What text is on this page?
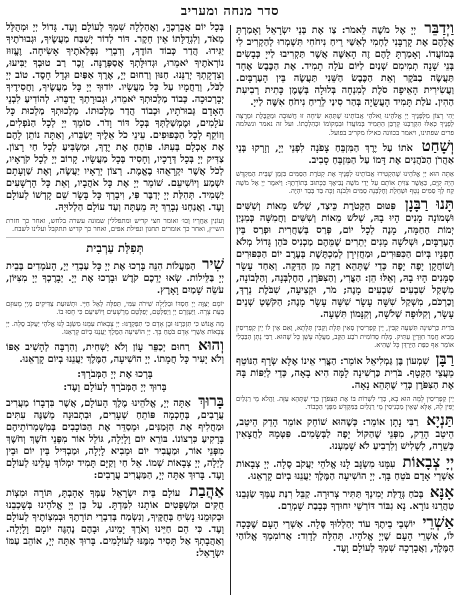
סדר מנחה ומעריב
וַיְדַבֵּר יְיָ אֶל מֹשֶׁה לֵּאמֹר: צַו אֶת בְּנֵי יִשְׂרָאֵל וְאָמַרְתָּ אֲלֵהֶם אֶת קָרְבָּנִי לַחְמִי לְאִשַּׁי רֵיחַ נִיחֹחִי תִּשְׁמְרוּ לְהַקְרִיב לִי בְּמוֹעֲדוֹ. וְאָמַרְתָּ לָהֶם זֶה הָאִשֶּׁה אֲשֶׁר תַּקְרִיבוּ לַייָ כְּבָשִׂים בְּנֵי שָׁנָה תְמִימִם שְׁנַיִם לַיּוֹם עֹלָה תָמִיד. אֶת הַכֶּבֶשׂ אֶחָד תַּעֲשֶׂה בַבֹּקֶר וְאֵת הַכֶּבֶשׂ הַשֵּׁנִי תַּעֲשֶׂה בֵּין הָעַרְבָּיִם. וַעֲשִׂירִית הָאֵיפָה סֹלֶת לְמִנְחָה בְּלוּלָה בְּשֶׁמֶן כָּתִית רְבִיעִת הַהִין. עֹלַת תָּמִיד הָעֲשֻׂיָה בְּהַר סִינַי לְרֵיחַ נִיחֹחַ אִשֶּׁה לַייָ.
יְהִי רָצוֹן מִלְּפָנֶיךָ יְיָ אֱלֹהֵינוּ וֵאלֹהֵי אֲבוֹתֵינוּ שֶׁתְּהֵא שִׂיחָה זוּ חֲשׁוּבָה וּמְקֻבֶּלֶת וּמְרֻצָּה לְפָנֶיךָ כְּאִלּוּ הִקְרַבְנוּ קָרְבַּן הַתָּמִיד בְּמוֹעֲדוֹ וּבִמְקוֹמוֹ וּכְהִלְכָתוֹ. ועל זה נאמר ונשלמה פרים שפתינו, ויאמר בכוונה כאילו מקריב בפועל.
וְשָׁחַט אֹתוֹ עַל יֶרֶךְ הַמִּזְבֵּחַ צָפֹנָה לִפְנֵי יְיָ, וְזָרְקוּ בְּנֵי אַהֲרֹן הַכֹּהֲנִים אֶת דָּמוֹ עַל הַמִּזְבֵּחַ סָבִיב.
אַתָּה הוּא יְיָ אֱלֹהֵינוּ שֶׁהִקְטִירוּ אֲבוֹתֵינוּ לְפָנֶיךָ אֶת קְטֹרֶת הַסַּמִּים בִּזְמַן שֶׁבֵּית הַמִּקְדָּשׁ הָיָה קַיָּם, כַּאֲשֶׁר צִוִּיתָ אוֹתָם עַל יְדֵי מֹשֶׁה נְבִיאֶךָ כַּכָּתוּב בְּתוֹרָתֶךָ: וַיֹּאמֶר יְיָ אֶל מֹשֶׁה קַח לְךָ סַמִּים נָטָף וּשְׁחֵלֶת וְחֶלְבְּנָה סַמִּים וּלְבֹנָה זַכָּה בַּד בְּבַד יִהְיֶה.
תָּנוּ רַבָּנָן פִּטּוּם הַקְּטֹרֶת כֵּיצַד, שְׁלֹשׁ מֵאוֹת וְשִׁשִּׁים וּשְׁמוֹנָה מָנִים הָיוּ בָהּ, שְׁלֹשׁ מֵאוֹת וְשִׁשִּׁים וַחֲמִשָּׁה כְּמִנְיַן יְמוֹת הַחַמָּה, מָנֶה לְכָל יוֹם, פְּרַס בְּשַׁחֲרִית וּפְרַס בֵּין הָעַרְבָּיִם, וּשְׁלֹשָׁה מָנִים יְתֵרִים שֶׁמֵּהֶם מַכְנִיס כֹּהֵן גָּדוֹל מְלֹא חָפְנָיו בְּיוֹם הַכִּפּוּרִים, וּמַחֲזִירָן לְמַכְתֶּשֶׁת בְּעֶרֶב יוֹם הַכִּפּוּרִים וְשׁוֹחֲקָן יָפֶה יָפֶה כְּדֵי שֶׁתְּהֵא דַקָּה מִן הַדַּקָּה. וְאַחַד עָשָׂר סַמָּנִים הָיוּ בָהּ, וְאֵלּוּ הֵן: הַצֳּרִי, וְהַצִּפֹּרֶן, הַחֶלְבְּנָה, וְהַלְּבוֹנָה, מִשְׁקַל שִׁבְעִים שִׁבְעִים מָנֶה; מֹר, וּקְצִיעָה, שִׁבֹּלֶת נֵרְדְּ, וְכַרְכֹּם, מִשְׁקַל שִׁשָּׁה עָשָׂר שִׁשָּׁה עָשָׂר מָנֶה; הַקֹּשְׁטְ שְׁנֵים עָשָׂר, וְקִלּוּפָה שְׁלֹשָׁה, וְקִנָּמוֹן תִּשְׁעָה.
בֹּרִית כַּרְשִׁינָה תִּשְׁעָה קַבִּין, יֵין קַפְרִיסִין סְאִין תְּלָת וְקַבִּין תְּלָתָא, וְאִם אֵין לוֹ יֵין קַפְרִיסִין מֵבִיא חֲמַר חִוַּרְיָן עַתִּיק. מֶלַח סְדוֹמִית רֹבַע הַקַּב, מַעֲלֶה עָשָׁן כָּל שֶׁהוּא. רַבִּי נָתָן הַבַּבְלִי אוֹמֵר אַף כִּפַּת הַיַּרְדֵּן כָּל שֶׁהִיא.
רַבָּן שִׁמְעוֹן בֶּן גַּמְלִיאֵל אוֹמֵר: הַצֳּרִי אֵינוֹ אֶלָּא שְׂרָף הַנּוֹטֵף מֵעֲצֵי הַקְּטָף. בֹּרִית כַּרְשִׁינָה לָמָּה הִיא בָאָה, כְּדֵי לְיַפּוֹת בָּהּ אֶת הַצִּפֹּרֶן כְּדֵי שֶׁתְּהֵא נָאָה.
יֵין קַפְרִיסִין לָמָּה הוּא בָא, כְּדֵי לִשְׁרוֹת בּוֹ אֶת הַצִּפֹּרֶן כְּדֵי שֶׁתְּהֵא עַזָּה. וַהֲלֹא מֵי רַגְלַיִם יָפִין לָהּ, אֶלָּא שֶׁאֵין מַכְנִיסִין מֵי רַגְלַיִם בַּמִּקְדָּשׁ מִפְּנֵי הַכָּבוֹד.
תַּנְיָא רַבִּי נָתָן אוֹמֵר: כְּשֶׁהוּא שׁוֹחֵק אוֹמֵר הָדֵק הֵיטֵב, הֵיטֵב הָדֵק, מִפְּנֵי שֶׁהַקּוֹל יָפֶה לַבְּשָׂמִים. פִּטְּמָהּ לַחֲצָאִין כְּשֵׁרָה, לִשְׁלִישׁ וְלִרְבִיעַ לֹא שָׁמַעְנוּ.
יְיָ צְבָאוֹת עִמָּנוּ מִשְׂגָּב לָנוּ אֱלֹהֵי יַעֲקֹב סֶלָה. יְיָ צְבָאוֹת אַשְׁרֵי אָדָם בֹּטֵחַ בָּךְ. יְיָ הוֹשִׁיעָה הַמֶּלֶךְ יַעֲנֵנוּ בְיוֹם קָרְאֵנוּ.
אָנָּא בְּכֹחַ גְּדֻלַּת יְמִינְךָ תַּתִּיר צְרוּרָה. קַבֵּל רִנַּת עַמְּךָ שַׂגְּבֵנוּ טַהֲרֵנוּ נוֹרָא. נָא גִבּוֹר דּוֹרְשֵׁי יִחוּדְךָ כְּבָבַת שָׁמְרֵם.
אַשְׁרֵי יוֹשְׁבֵי בֵיתֶךָ עוֹד יְהַלְלוּךָ סֶּלָה. אַשְׁרֵי הָעָם שֶׁכָּכָה לּוֹ, אַשְׁרֵי הָעָם שֶׁיְיָ אֱלֹהָיו. תְּהִלָּה לְדָוִד: אֲרוֹמִמְךָ אֱלוֹהַי הַמֶּלֶךְ, וַאֲבָרְכָה שִׁמְךָ לְעוֹלָם וָעֶד.
בְּכָל יוֹם אֲבָרְכֶךָּ, וַאֲהַלְלָה שִׁמְךָ לְעוֹלָם וָעֶד. גָּדוֹל יְיָ וּמְהֻלָּל מְאֹד, וְלִגְדֻלָּתוֹ אֵין חֵקֶר. דּוֹר לְדוֹר יְשַׁבַּח מַעֲשֶׂיךָ, וּגְבוּרֹתֶיךָ יַגִּידוּ. הֲדַר כְּבוֹד הוֹדֶךָ, וְדִבְרֵי נִפְלְאֹתֶיךָ אָשִׂיחָה. וֶעֱזוּז נוֹרְאֹתֶיךָ יֹאמֵרוּ, וּגְדוּלָּתְךָ אֲסַפְּרֶנָּה. זֵכֶר רַב טוּבְךָ יַבִּיעוּ, וְצִדְקָתְךָ יְרַנֵּנוּ. חַנּוּן וְרַחוּם יְיָ, אֶרֶךְ אַפַּיִם וּגְדָל חָסֶד. טוֹב יְיָ לַכֹּל, וְרַחֲמָיו עַל כָּל מַעֲשָׂיו. יוֹדוּךָ יְיָ כָּל מַעֲשֶׂיךָ, וַחֲסִידֶיךָ יְבָרְכוּכָה. כְּבוֹד מַלְכוּתְךָ יֹאמֵרוּ, וּגְבוּרָתְךָ יְדַבֵּרוּ. לְהוֹדִיעַ לִבְנֵי הָאָדָם גְּבוּרֹתָיו, וּכְבוֹד הֲדַר מַלְכוּתוֹ. מַלְכוּתְךָ מַלְכוּת כָּל עֹלָמִים, וּמֶמְשַׁלְתְּךָ בְּכָל דּוֹר וָדֹר. סוֹמֵךְ יְיָ לְכָל הַנֹּפְלִים, וְזוֹקֵף לְכָל הַכְּפוּפִים. עֵינֵי כֹל אֵלֶיךָ יְשַׂבֵּרוּ, וְאַתָּה נוֹתֵן לָהֶם אֶת אָכְלָם בְּעִתּוֹ. פּוֹתֵחַ אֶת יָדֶךָ, וּמַשְׂבִּיעַ לְכָל חַי רָצוֹן. צַדִּיק יְיָ בְּכָל דְּרָכָיו, וְחָסִיד בְּכָל מַעֲשָׂיו. קָרוֹב יְיָ לְכָל קֹרְאָיו, לְכֹל אֲשֶׁר יִקְרָאֻהוּ בֶאֱמֶת. רְצוֹן יְרֵאָיו יַעֲשֶׂה, וְאֶת שַׁוְעָתָם יִשְׁמַע וְיוֹשִׁיעֵם. שׁוֹמֵר יְיָ אֶת כָּל אֹהֲבָיו, וְאֵת כָּל הָרְשָׁעִים יַשְׁמִיד. תְּהִלַּת יְיָ יְדַבֶּר פִּי, וִיבָרֵךְ כָּל בָּשָׂר שֵׁם קָדְשׁוֹ לְעוֹלָם וָעֶד. וַאֲנַחְנוּ נְבָרֵךְ יָהּ מֵעַתָּה וְעַד עוֹלָם הַלְלוּיָהּ.
וְעוֹנִין אַחֲרָיו וְכוּ׳ ואומר חצי קדיש ומתפללין שמונה עשרה בלחש, ואחר כך חזרת הש״ץ, ואחר כך אומרים תחנון ונפילת אפים, ואחר כך קדיש תתקבל ועלינו לשבח.
תְּפִלַּת עַרְבִית
שִׁיר הַמַּעֲלוֹת הִנֵּה בָּרְכוּ אֶת יְיָ כָּל עַבְדֵי יְיָ, הָעֹמְדִים בְּבֵית יְיָ בַּלֵּילוֹת. שְׂאוּ יְדֵכֶם קֹדֶשׁ וּבָרְכוּ אֶת יְיָ. יְבָרֶכְךָ יְיָ מִצִּיּוֹן, עֹשֵׂה שָׁמַיִם וָאָרֶץ.
יוֹמָם יְצַוֶּה יְיָ חַסְדּוֹ וּבַלַּיְלָה שִׁירֹה עִמִּי, תְּפִלָּה לְאֵל חַיָּי. וּתְשׁוּעַת צַדִּיקִים מֵיְיָ מָעוּזָּם בְּעֵת צָרָה. וַיַּעְזְרֵם יְיָ וַיְפַלְּטֵם, יְפַלְּטֵם מֵרְשָׁעִים וְיוֹשִׁיעֵם כִּי חָסוּ בוֹ.
מָה אֱנוֹשׁ כִּי תִזְכְּרֶנּוּ וּבֶן אָדָם כִּי תִפְקְדֶנּוּ: יְיָ צְבָאוֹת עִמָּנוּ מִשְׂגָּב לָנוּ אֱלֹהֵי יַעֲקֹב סֶלָה. יְיָ צְבָאוֹת אַשְׁרֵי אָדָם בֹּטֵחַ בָּךְ. יְיָ הוֹשִׁיעָה הַמֶּלֶךְ יַעֲנֵנוּ בְיוֹם קָרְאֵנוּ.
וְהוּא רַחוּם יְכַפֵּר עָוֹן וְלֹא יַשְׁחִית, וְהִרְבָּה לְהָשִׁיב אַפּוֹ וְלֹא יָעִיר כָּל חֲמָתוֹ. יְיָ הוֹשִׁיעָה, הַמֶּלֶךְ יַעֲנֵנוּ בְיוֹם קָרְאֵנוּ.
בָּרְכוּ אֶת יְיָ הַמְּבֹרָךְ:
בָּרוּךְ יְיָ הַמְּבֹרָךְ לְעוֹלָם וָעֶד:
בָּרוּךְ אַתָּה יְיָ, אֱלֹהֵינוּ מֶלֶךְ הָעוֹלָם, אֲשֶׁר בִּדְבָרוֹ מַעֲרִיב עֲרָבִים, בְּחָכְמָה פּוֹתֵחַ שְׁעָרִים, וּבִתְבוּנָה מְשַׁנֶּה עִתִּים וּמַחֲלִיף אֶת הַזְּמַנִּים, וּמְסַדֵּר אֶת הַכּוֹכָבִים בְּמִשְׁמְרוֹתֵיהֶם בָּרָקִיעַ כִּרְצוֹנוֹ. בּוֹרֵא יוֹם וָלָיְלָה, גּוֹלֵל אוֹר מִפְּנֵי חֹשֶׁךְ וְחֹשֶׁךְ מִפְּנֵי אוֹר, וּמַעֲבִיר יוֹם וּמֵבִיא לָיְלָה, וּמַבְדִּיל בֵּין יוֹם וּבֵין לָיְלָה, יְיָ צְבָאוֹת שְׁמוֹ. אֵל חַי וְקַיָּם תָּמִיד יִמְלוֹךְ עָלֵינוּ לְעוֹלָם וָעֶד. בָּרוּךְ אַתָּה יְיָ, הַמַּעֲרִיב עֲרָבִים:
אַהֲבַת עוֹלָם בֵּית יִשְׂרָאֵל עַמְּךָ אָהָבְתָּ, תּוֹרָה וּמִצְוֹת חֻקִּים וּמִשְׁפָּטִים אוֹתָנוּ לִמַּדְתָּ. עַל כֵּן יְיָ אֱלֹהֵינוּ בְּשָׁכְבֵנוּ וּבְקוּמֵנוּ נָשִׂיחַ בְּחֻקֶּיךָ, וְנִשְׂמַח בְּדִבְרֵי תוֹרָתֶךָ וּבְמִצְוֹתֶיךָ לְעוֹלָם וָעֶד. כִּי הֵם חַיֵּינוּ וְאֹרֶךְ יָמֵינוּ, וּבָהֶם נֶהְגֶּה יוֹמָם וָלָיְלָה. וְאַהֲבָתְךָ אַל תָּסִיר מִמֶּנּוּ לְעוֹלָמִים. בָּרוּךְ אַתָּה יְיָ, אוֹהֵב עַמּוֹ יִשְׂרָאֵל:
